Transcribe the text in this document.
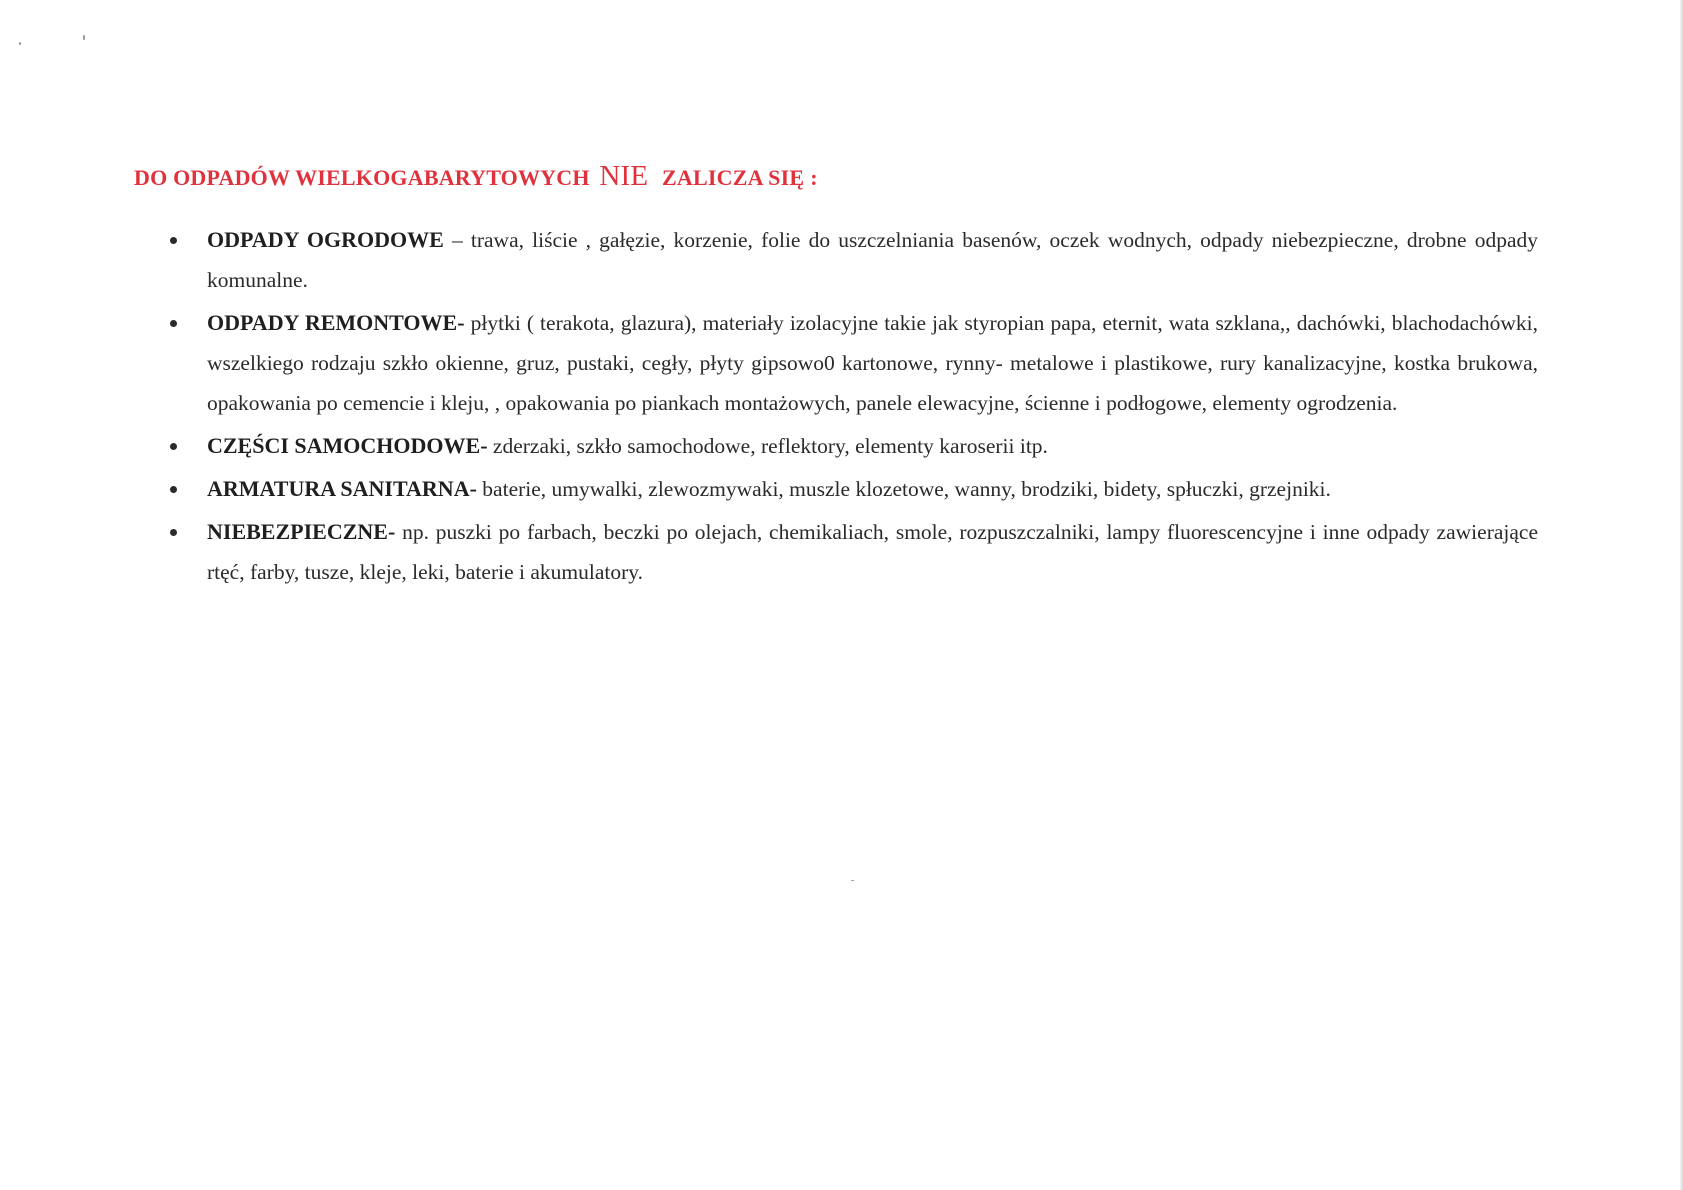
DO ODPADÓW WIELKOGABARYTOWYCH NIE ZALICZA SIĘ :
ODPADY OGRODOWE – trawa, liście , gałęzie, korzenie, folie do uszczelniania basenów, oczek wodnych, odpady niebezpieczne, drobne odpady komunalne.
ODPADY REMONTOWE- płytki ( terakota, glazura), materiały izolacyjne takie jak styropian papa, eternit, wata szklana,, dachówki, blachodachówki, wszelkiego rodzaju szkło okienne, gruz, pustaki, cegły, płyty gipsowo0 kartonowe, rynny- metalowe i plastikowe, rury kanalizacyjne, kostka brukowa, opakowania po cemencie i kleju, , opakowania po piankach montażowych, panele elewacyjne, ścienne i podłogowe, elementy ogrodzenia.
CZĘŚCI SAMOCHODOWE- zderzaki, szkło samochodowe, reflektory, elementy karoserii itp.
ARMATURA SANITARNA- baterie, umywalki, zlewozmywaki, muszle klozetowe, wanny, brodziki, bidety, spłuczki, grzejniki.
NIEBEZPIECZNE- np. puszki po farbach, beczki po olejach, chemikaliach, smole, rozpuszczalniki, lampy fluorescencyjne i inne odpady zawierające rtęć, farby, tusze, kleje, leki, baterie i akumulatory.
